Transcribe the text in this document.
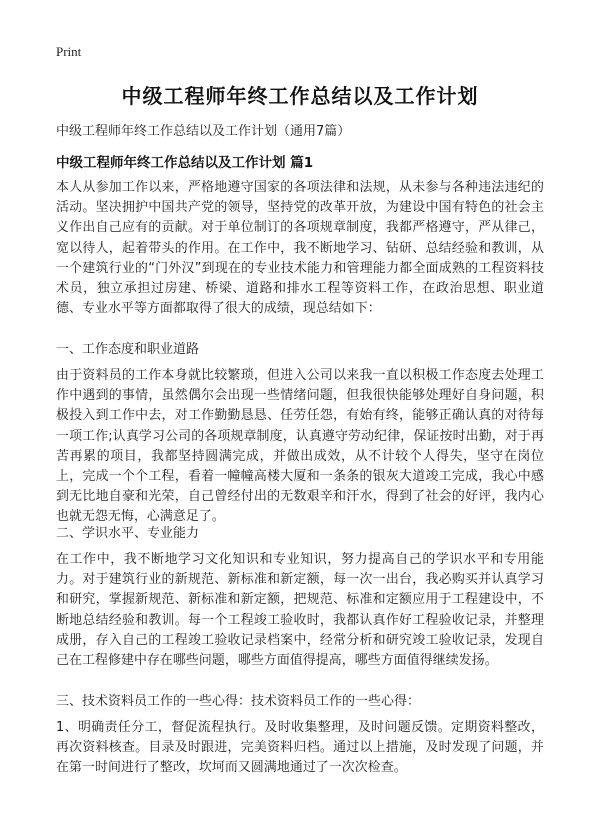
Print
中级工程师年终工作总结以及工作计划
中级工程师年终工作总结以及工作计划（通用7篇）
中级工程师年终工作总结以及工作计划 篇1

本人从参加工作以来，严格地遵守国家的各项法律和法规，从未参与各种违法违纪的活动。坚决拥护中国共产党的领导，坚持党的改革开放，为建设中国有特色的社会主义作出自己应有的贡献。对于单位制订的各项规章制度，我都严格遵守，严从律己，宽以待人，起着带头的作用。在工作中，我不断地学习、钻研、总结经验和教训，从一个建筑行业的“门外汉”到现在的专业技术能力和管理能力都全面成熟的工程资料技术员，独立承担过房建、桥梁、道路和排水工程等资料工作，在政治思想、职业道德、专业水平等方面都取得了很大的成绩，现总结如下：

一、工作态度和职业道路

由于资料员的工作本身就比较繁琐，但进入公司以来我一直以积极工作态度去处理工作中遇到的事情，虽然偶尔会出现一些情绪问题，但我很快能够处理好自身问题，积极投入到工作中去，对工作勤勤恳恳、任劳任怨，有始有终，能够正确认真的对待每一项工作;认真学习公司的各项规章制度，认真遵守劳动纪律，保证按时出勤，对于再苦再累的项目，我都坚持圆满完成，并做出成效，从不计较个人得失，坚守在岗位上，完成一个个工程，看着一幢幢高楼大厦和一条条的银灰大道竣工完成，我心中感到无比地自豪和光荣，自己曾经付出的无数艰辛和汗水，得到了社会的好评，我内心也就无怨无悔，心满意足了。

二、学识水平、专业能力

在工作中，我不断地学习文化知识和专业知识，努力提高自己的学识水平和专用能力。对于建筑行业的新规范、新标准和新定额，每一次一出台，我必购买并认真学习和研究，掌握新规范、新标准和新定额，把规范、标准和定额应用于工程建设中，不断地总结经验和教训。每一个工程竣工验收时，我都认真作好工程验收记录，并整理成册，存入自己的工程竣工验收记录档案中，经常分析和研究竣工验收记录，发现自己在工程修建中存在哪些问题，哪些方面值得提高，哪些方面值得继续发扬。

三、技术资料员工作的一些心得：技术资料员工作的一些心得：

1、明确责任分工，督促流程执行。及时收集整理，及时问题反馈。定期资料整改，再次资料核查。目录及时跟进，完美资料归档。通过以上措施，及时发现了问题，并在第一时间进行了整改，坎坷而又圆满地通过了一次次检查。
